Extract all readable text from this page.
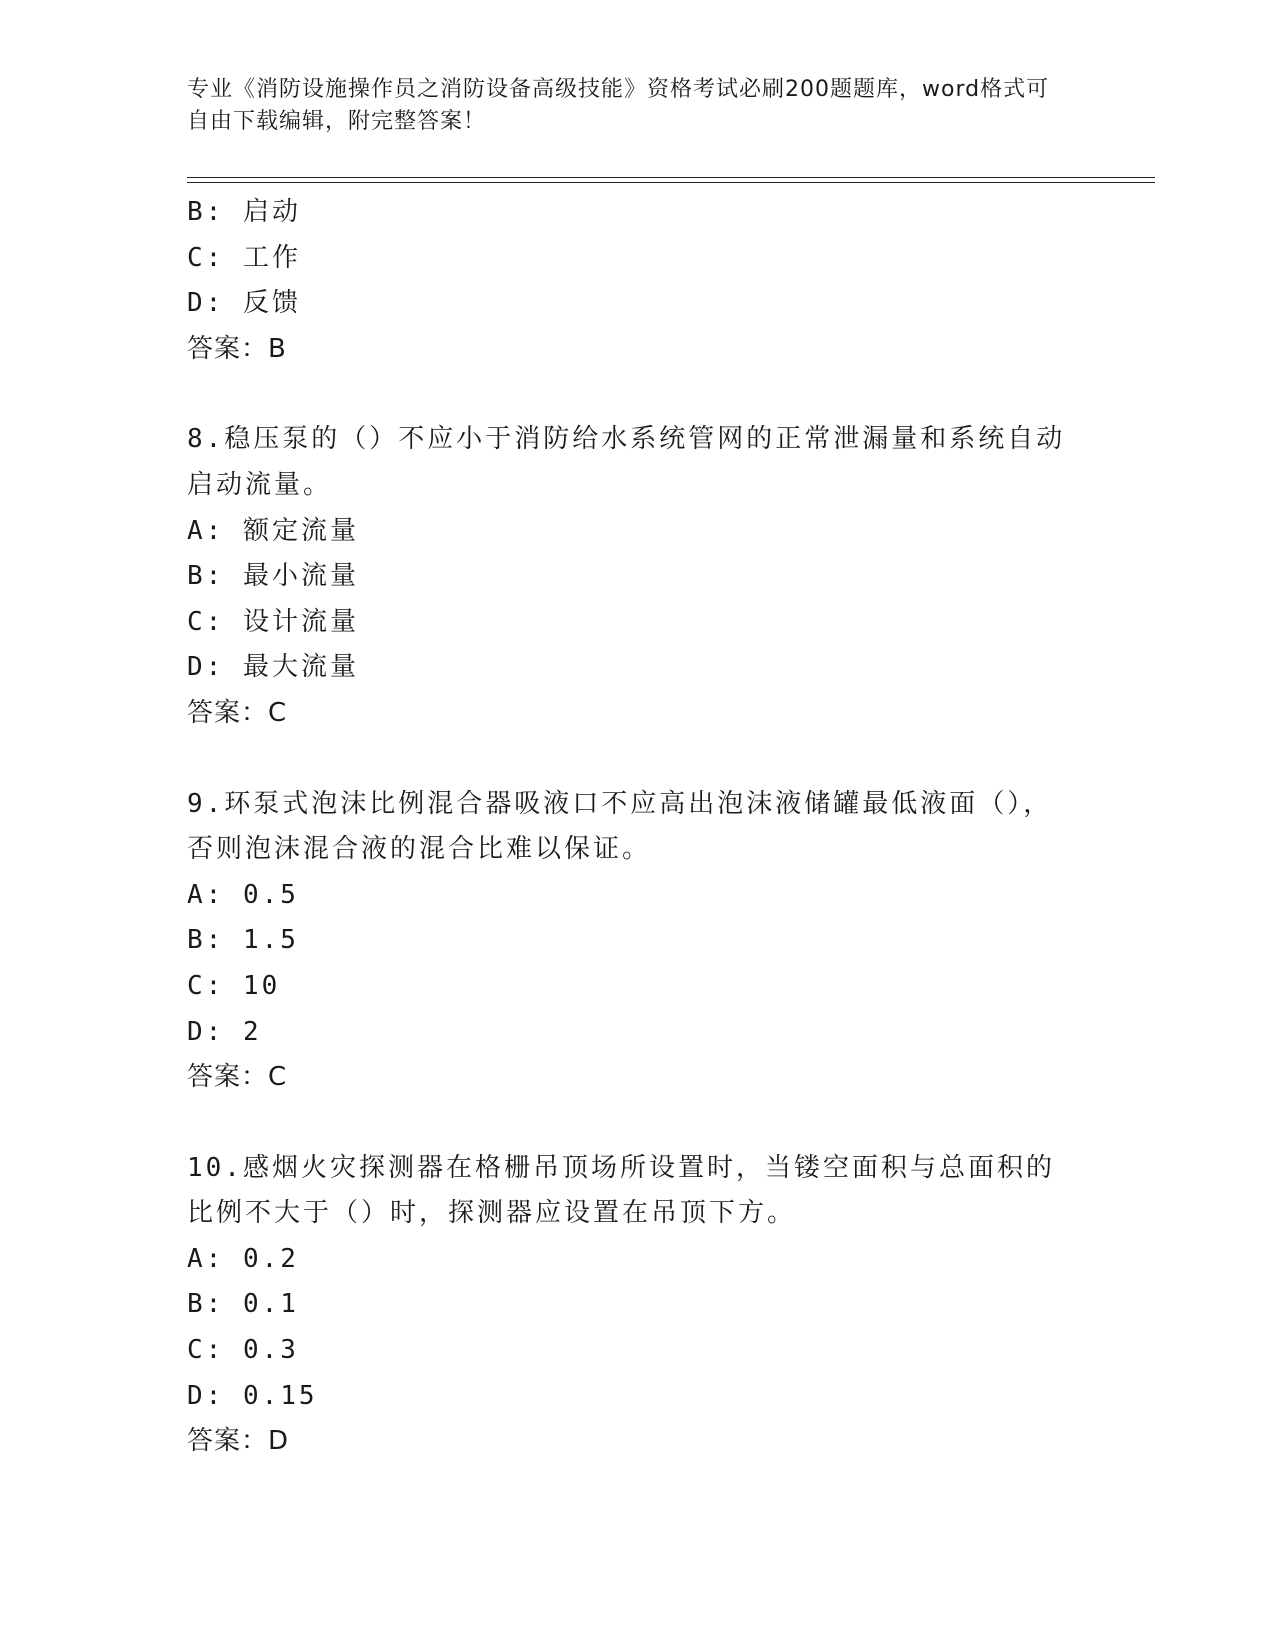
专业《消防设施操作员之消防设备高级技能》资格考试必刷200题题库，word格式可自由下载编辑，附完整答案！
B: 启动
C: 工作
D: 反馈
答案：B
8.稳压泵的（）不应小于消防给水系统管网的正常泄漏量和系统自动启动流量。
A: 额定流量
B: 最小流量
C: 设计流量
D: 最大流量
答案：C
9.环泵式泡沫比例混合器吸液口不应高出泡沫液储罐最低液面（），否则泡沫混合液的混合比难以保证。
A: 0.5
B: 1.5
C: 10
D: 2
答案：C
10.感烟火灾探测器在格栅吊顶场所设置时，当镂空面积与总面积的比例不大于（）时，探测器应设置在吊顶下方。
A: 0.2
B: 0.1
C: 0.3
D: 0.15
答案：D
